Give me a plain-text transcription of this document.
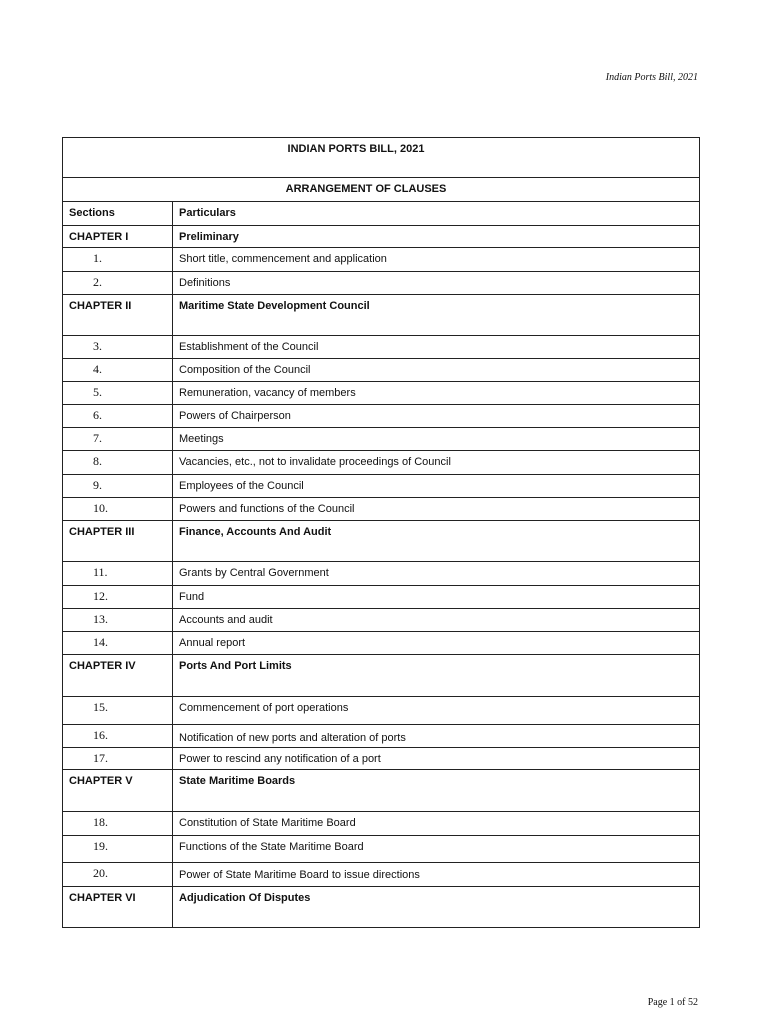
Indian Ports Bill, 2021
INDIAN PORTS BILL, 2021
ARRANGEMENT OF CLAUSES
Sections	Particulars
CHAPTER I	Preliminary
1.	Short title, commencement and application
2.	Definitions
CHAPTER II	Maritime State Development Council
3.	Establishment of the Council
4.	Composition of the Council
5.	Remuneration, vacancy of members
6.	Powers of Chairperson
7.	Meetings
8.	Vacancies, etc., not to invalidate proceedings of Council
9.	Employees of the Council
10.	Powers and functions of the Council
CHAPTER III	Finance, Accounts And Audit
11.	Grants by Central Government
12.	Fund
13.	Accounts and audit
14.	Annual report
CHAPTER IV	Ports And Port Limits
15.	Commencement of port operations
16.	Notification of new ports and alteration of ports
17.	Power to rescind any notification of a port
CHAPTER V	State Maritime Boards
18.	Constitution of State Maritime Board
19.	Functions of the State Maritime Board
20.	Power of State Maritime Board to issue directions
CHAPTER VI	Adjudication Of Disputes
Page 1 of 52
